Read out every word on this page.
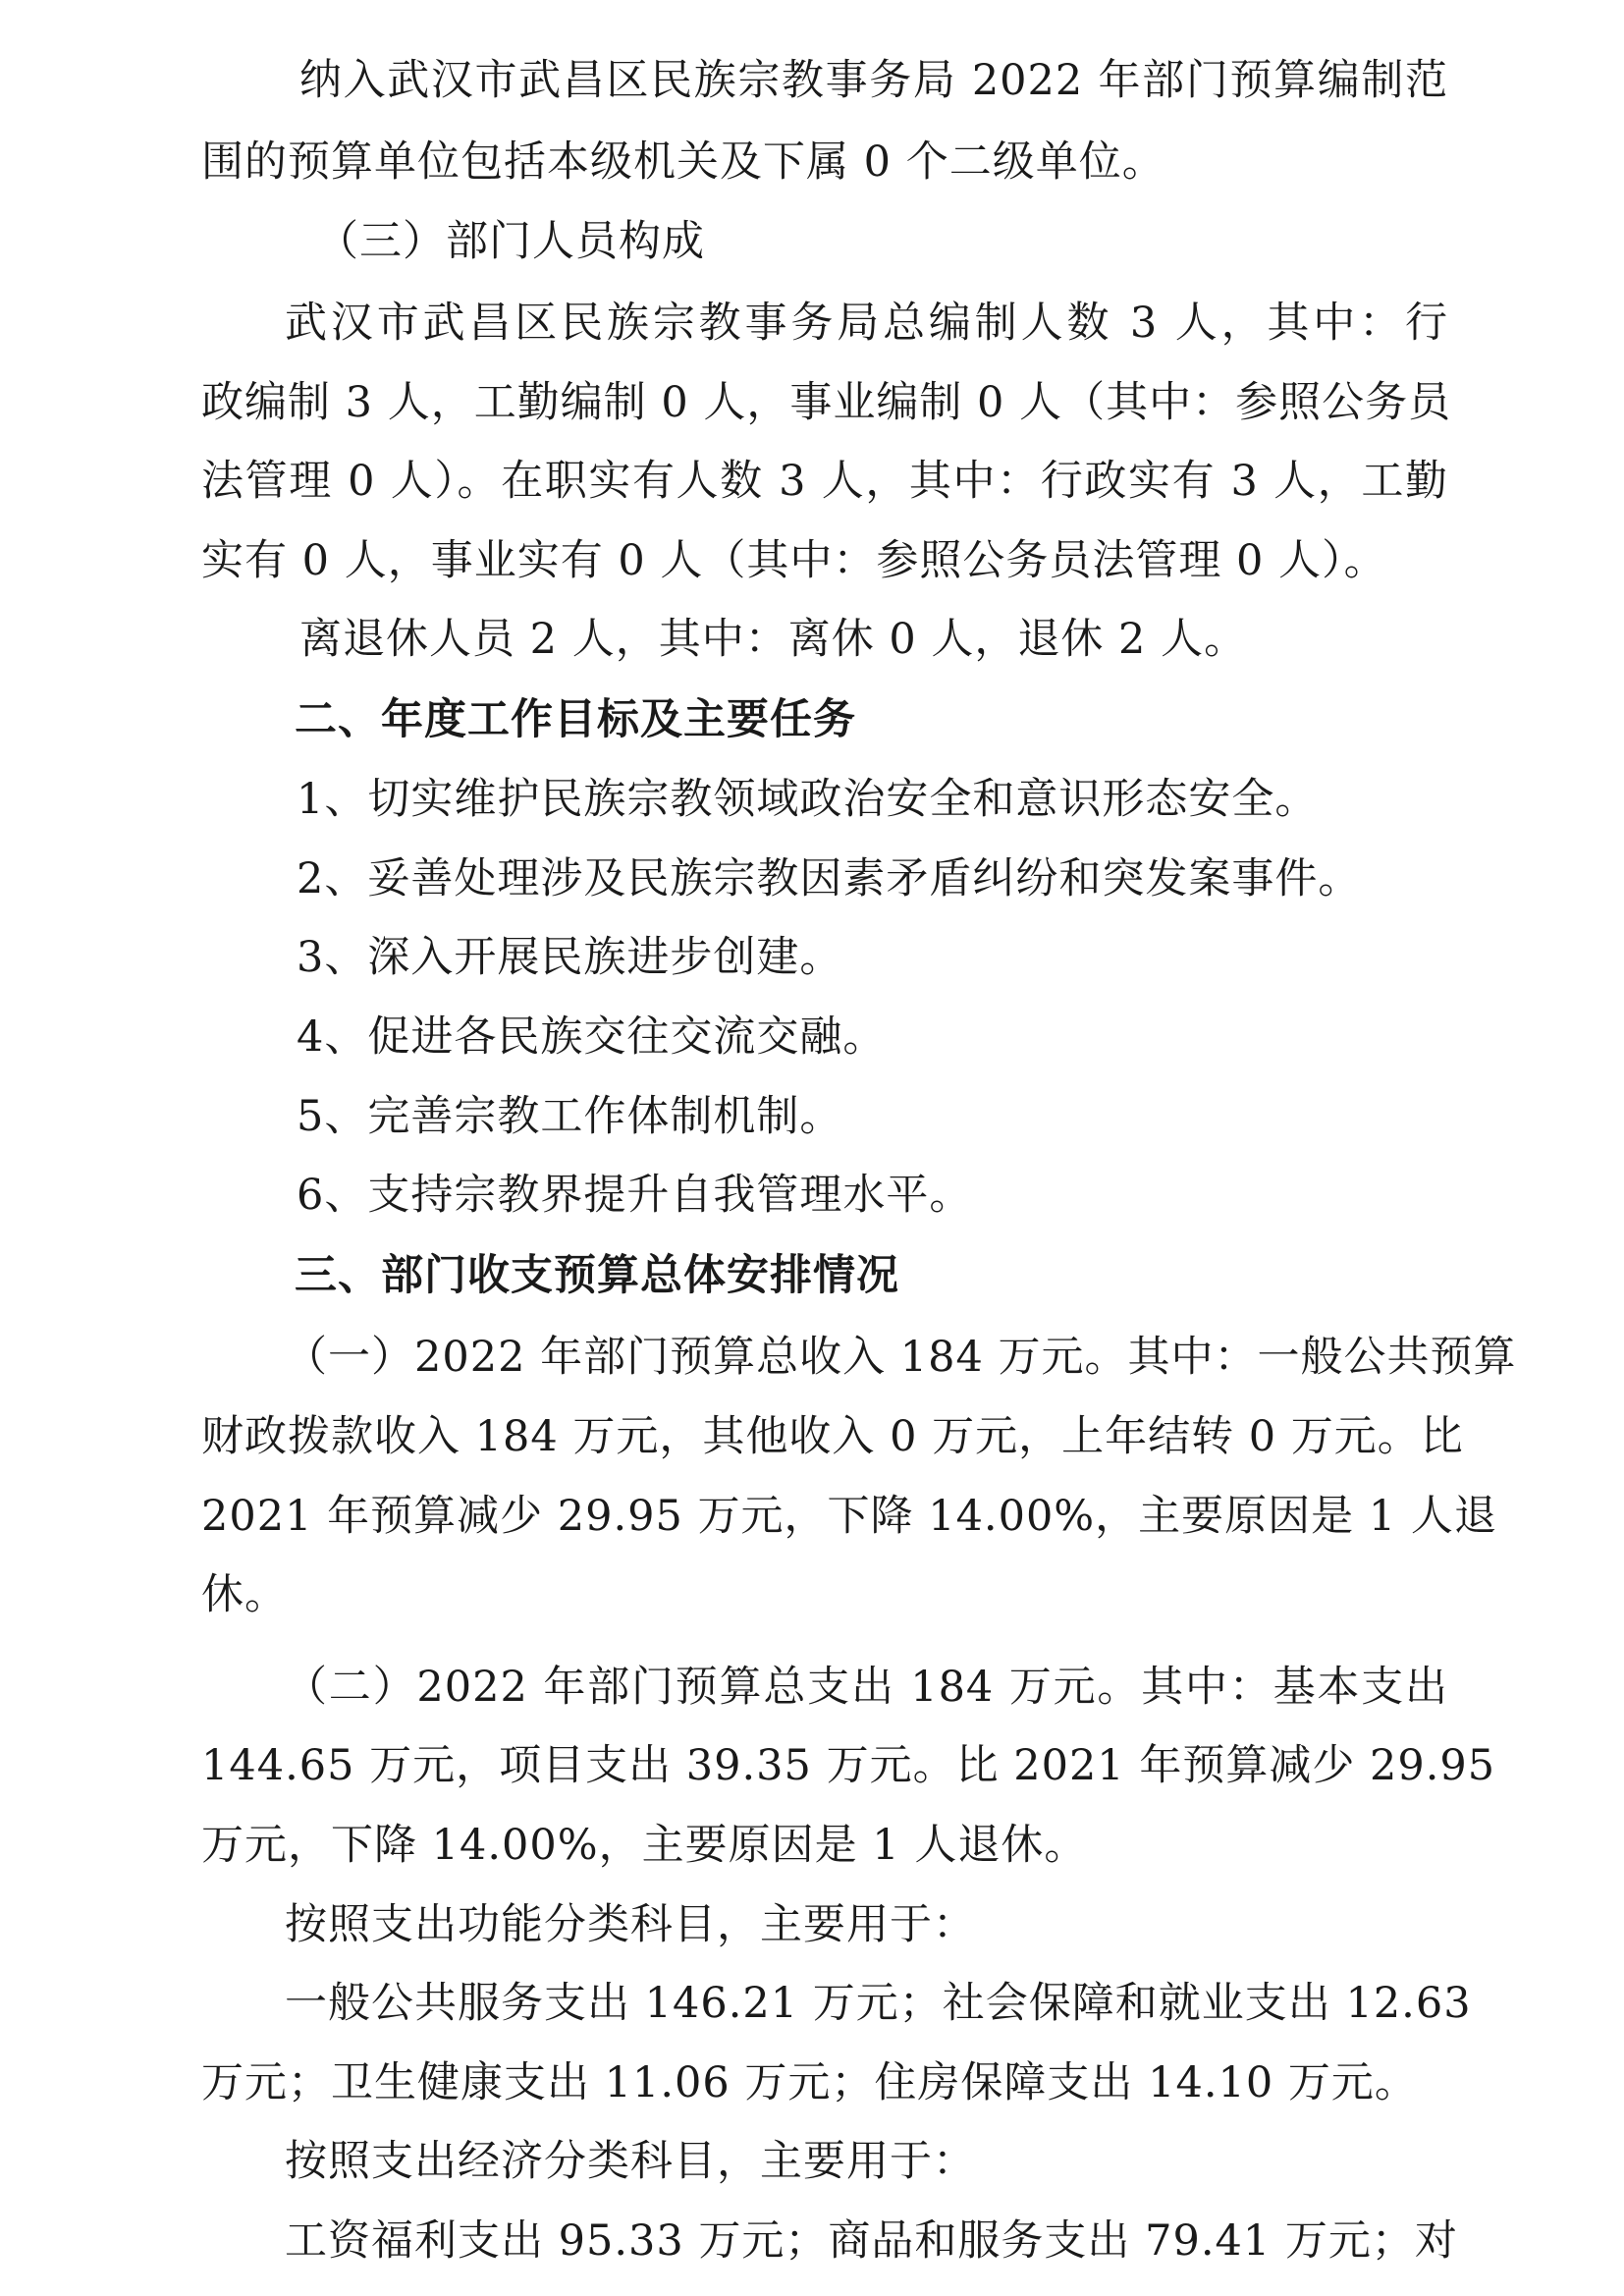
纳入武汉市武昌区民族宗教事务局 2022 年部门预算编制范
围的预算单位包括本级机关及下属 0 个二级单位。
（三）部门人员构成
武汉市武昌区民族宗教事务局总编制人数 3 人，其中：行
政编制 3 人，工勤编制 0 人，事业编制 0 人（其中：参照公务员
法管理 0 人）。在职实有人数 3 人，其中：行政实有 3 人，工勤
实有 0 人，事业实有 0 人（其中：参照公务员法管理 0 人）。
离退休人员 2 人，其中：离休 0 人，退休 2 人。
二、年度工作目标及主要任务
1、切实维护民族宗教领域政治安全和意识形态安全。
2、妥善处理涉及民族宗教因素矛盾纠纷和突发案事件。
3、深入开展民族进步创建。
4、促进各民族交往交流交融。
5、完善宗教工作体制机制。
6、支持宗教界提升自我管理水平。
三、部门收支预算总体安排情况
（一）2022 年部门预算总收入 184 万元。其中：一般公共预算
财政拨款收入 184 万元，其他收入 0 万元，上年结转 0 万元。比
2021 年预算减少 29.95 万元，下降 14.00%，主要原因是 1 人退
休。
（二）2022 年部门预算总支出 184 万元。其中：基本支出
144.65 万元，项目支出 39.35 万元。比 2021 年预算减少 29.95
万元，下降 14.00%，主要原因是 1 人退休。
按照支出功能分类科目，主要用于：
一般公共服务支出 146.21 万元；社会保障和就业支出 12.63
万元；卫生健康支出 11.06 万元；住房保障支出 14.10 万元。
按照支出经济分类科目，主要用于：
工资福利支出 95.33 万元；商品和服务支出 79.41 万元；对
